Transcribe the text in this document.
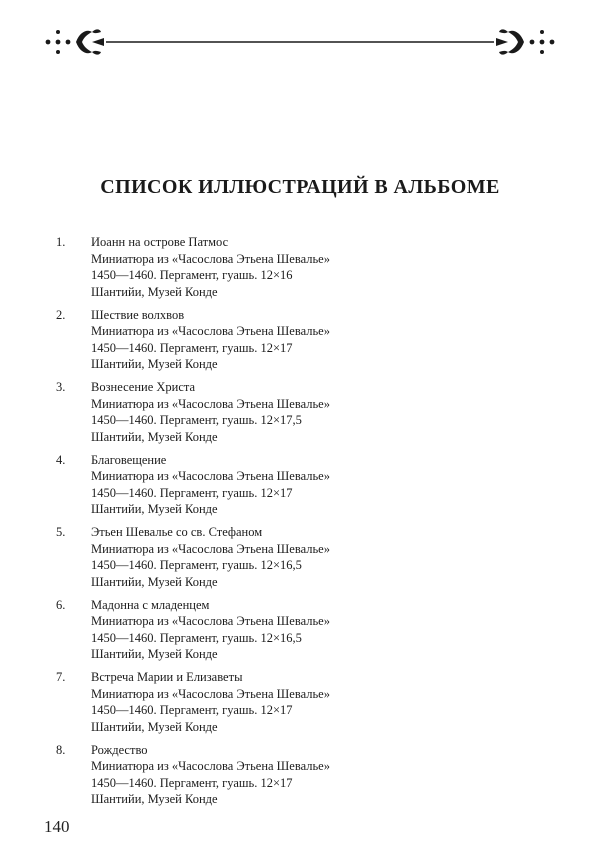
СПИСОК ИЛЛЮСТРАЦИЙ В АЛЬБОМЕ
1. Иоанн на острове Патмос
Миниатюра из «Часослова Этьена Шевалье»
1450—1460. Пергамент, гуашь. 12×16
Шантийи, Музей Конде
2. Шествие волхвов
Миниатюра из «Часослова Этьена Шевалье»
1450—1460. Пергамент, гуашь. 12×17
Шантийи, Музей Конде
3. Вознесение Христа
Миниатюра из «Часослова Этьена Шевалье»
1450—1460. Пергамент, гуашь. 12×17,5
Шантийи, Музей Конде
4. Благовещение
Миниатюра из «Часослова Этьена Шевалье»
1450—1460. Пергамент, гуашь. 12×17
Шантийи, Музей Конде
5. Этьен Шевалье со св. Стефаном
Миниатюра из «Часослова Этьена Шевалье»
1450—1460. Пергамент, гуашь. 12×16,5
Шантийи, Музей Конде
6. Мадонна с младенцем
Миниатюра из «Часослова Этьена Шевалье»
1450—1460. Пергамент, гуашь. 12×16,5
Шантийи, Музей Конде
7. Встреча Марии и Елизаветы
Миниатюра из «Часослова Этьена Шевалье»
1450—1460. Пергамент, гуашь. 12×17
Шантийи, Музей Конде
8. Рождество
Миниатюра из «Часослова Этьена Шевалье»
1450—1460. Пергамент, гуашь. 12×17
Шантийи, Музей Конде
140
